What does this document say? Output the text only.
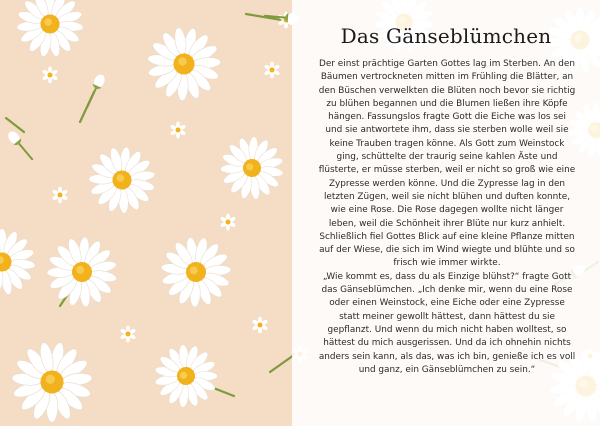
Das Gänseblümchen

Der einst prächtige Garten Gottes lag im Sterben. An den
Bäumen vertrockneten mitten im Frühling die Blätter, an
den Büschen verwelkten die Blüten noch bevor sie richtig
zu blühen begannen und die Blumen ließen ihre Köpfe
hängen. Fassungslos fragte Gott die Eiche was los sei
und sie antwortete ihm, dass sie sterben wolle weil sie
keine Trauben tragen könne. Als Gott zum Weinstock
ging, schüttelte der traurig seine kahlen Äste und
flüsterte, er müsse sterben, weil er nicht so groß wie eine
Zypresse werden könne. Und die Zypresse lag in den
letzten Zügen, weil sie nicht blühen und duften konnte,
wie eine Rose. Die Rose dagegen wollte nicht länger
leben, weil die Schönheit ihrer Blüte nur kurz anhielt.
Schließlich fiel Gottes Blick auf eine kleine Pflanze mitten
auf der Wiese, die sich im Wind wiegte und blühte und so
frisch wie immer wirkte.
„Wie kommt es, dass du als Einzige blühst?“ fragte Gott
das Gänseblümchen. „Ich denke mir, wenn du eine Rose
oder einen Weinstock, eine Eiche oder eine Zypresse
statt meiner gewollt hättest, dann hättest du sie
gepflanzt. Und wenn du mich nicht haben wolltest, so
hättest du mich ausgerissen. Und da ich ohnehin nichts
anders sein kann, als das, was ich bin, genieße ich es voll
und ganz, ein Gänseblümchen zu sein.“
